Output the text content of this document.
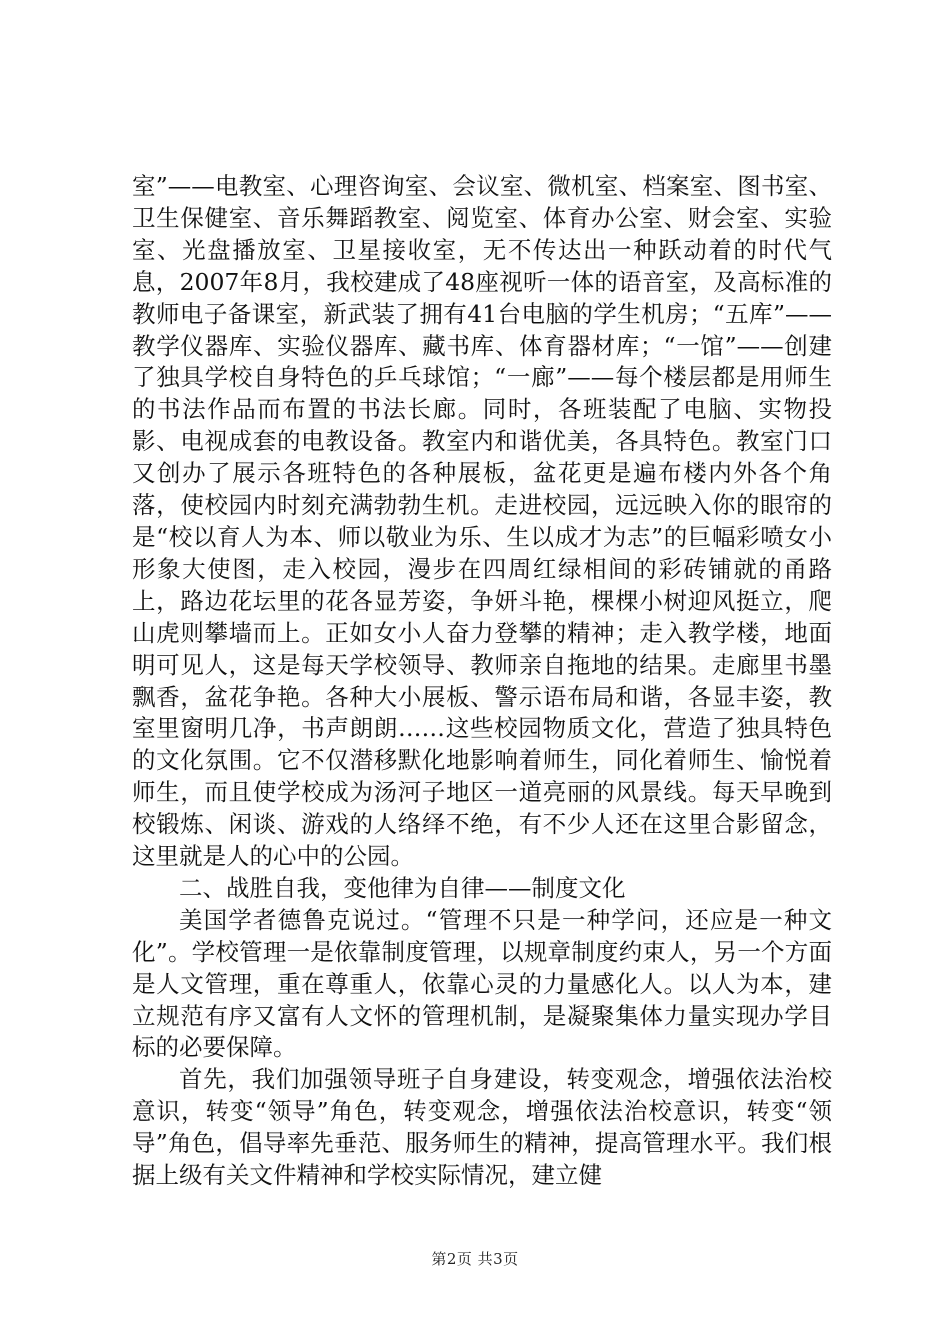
室”——电教室、心理咨询室、会议室、微机室、档案室、图书室、卫生保健室、音乐舞蹈教室、阅览室、体育办公室、财会室、实验室、光盘播放室、卫星接收室，无不传达出一种跃动着的时代气息，2007年8月，我校建成了48座视听一体的语音室，及高标准的教师电子备课室，新武装了拥有41台电脑的学生机房；“五库”——教学仪器库、实验仪器库、藏书库、体育器材库；“一馆”——创建了独具学校自身特色的乒乓球馆；“一廊”——每个楼层都是用师生的书法作品而布置的书法长廊。同时，各班装配了电脑、实物投影、电视成套的电教设备。教室内和谐优美，各具特色。教室门口又创办了展示各班特色的各种展板，盆花更是遍布楼内外各个角落，使校园内时刻充满勃勃生机。走进校园，远远映入你的眼帘的是“校以育人为本、师以敬业为乐、生以成才为志”的巨幅彩喷女小形象大使图，走入校园，漫步在四周红绿相间的彩砖铺就的甬路上，路边花坛里的花各显芳姿，争妍斗艳，棵棵小树迎风挺立，爬山虎则攀墙而上。正如女小人奋力登攀的精神；走入教学楼，地面明可见人，这是每天学校领导、教师亲自拖地的结果。走廊里书墨飘香，盆花争艳。各种大小展板、警示语布局和谐，各显丰姿，教室里窗明几净，书声朗朗……这些校园物质文化，营造了独具特色的文化氛围。它不仅潜移默化地影响着师生，同化着师生、愉悦着师生，而且使学校成为汤河子地区一道亮丽的风景线。每天早晚到校锻炼、闲谈、游戏的人络绎不绝，有不少人还在这里合影留念，这里就是人的心中的公园。

二、战胜自我，变他律为自律——制度文化

美国学者德鲁克说过。“管理不只是一种学问，还应是一种文化”。学校管理一是依靠制度管理，以规章制度约束人，另一个方面是人文管理，重在尊重人，依靠心灵的力量感化人。以人为本，建立规范有序又富有人文怀的管理机制，是凝聚集体力量实现办学目标的必要保障。

首先，我们加强领导班子自身建设，转变观念，增强依法治校意识，转变“领导”角色，转变观念，增强依法治校意识，转变“领导”角色，倡导率先垂范、服务师生的精神，提高管理水平。我们根据上级有关文件精神和学校实际情况，建立健

第2页 共3页
